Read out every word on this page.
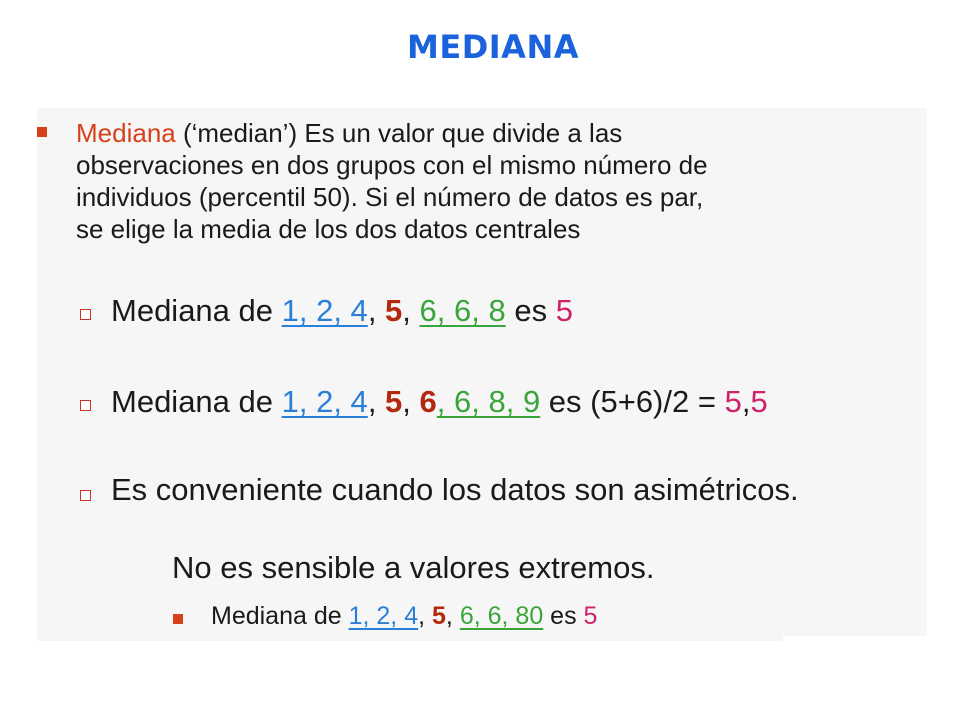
MEDIANA
Mediana (‘median’) Es un valor que divide a las
observaciones en dos grupos con el mismo número de
individuos (percentil 50). Si el número de datos es par,
se elige la media de los dos datos centrales
Mediana de 1, 2, 4, 5, 6, 6, 8 es 5
Mediana de 1, 2, 4, 5, 6, 6, 8, 9 es (5+6)/2 = 5,5
Es conveniente cuando los datos son asimétricos.
No es sensible a valores extremos.
Mediana de 1, 2, 4, 5, 6, 6, 80 es 5
